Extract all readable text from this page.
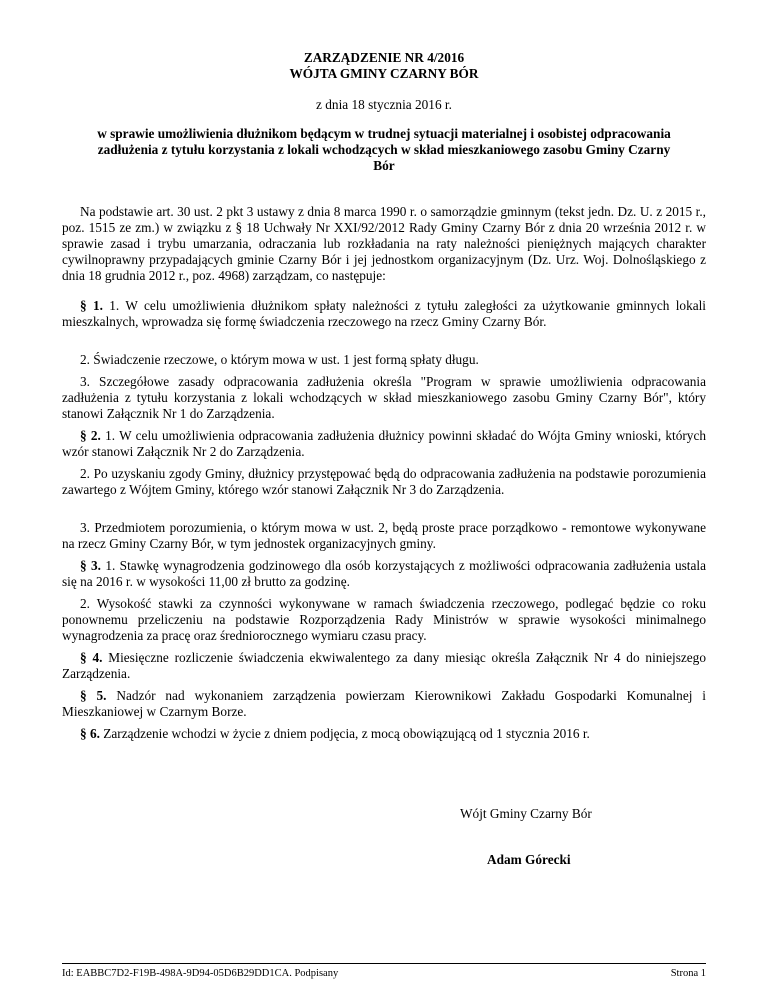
ZARZĄDZENIE NR 4/2016
WÓJTA GMINY CZARNY BÓR
z dnia 18 stycznia 2016 r.
w sprawie umożliwienia dłużnikom będącym w trudnej sytuacji materialnej i osobistej odpracowania zadłużenia z tytułu korzystania z lokali wchodzących w skład mieszkaniowego zasobu Gminy Czarny Bór
Na podstawie art. 30 ust. 2 pkt 3 ustawy z dnia 8 marca 1990 r. o samorządzie gminnym (tekst jedn. Dz. U. z 2015 r., poz. 1515 ze zm.) w związku z § 18 Uchwały Nr XXI/92/2012 Rady Gminy Czarny Bór z dnia 20 września 2012 r. w sprawie zasad i trybu umarzania, odraczania lub rozkładania na raty należności pieniężnych mających charakter cywilnoprawny przypadających gminie Czarny Bór i jej jednostkom organizacyjnym (Dz. Urz. Woj. Dolnośląskiego z dnia 18 grudnia 2012 r., poz. 4968) zarządzam, co następuje:
§ 1. 1. W celu umożliwienia dłużnikom spłaty należności z tytułu zaległości za użytkowanie gminnych lokali mieszkalnych, wprowadza się formę świadczenia rzeczowego na rzecz Gminy Czarny Bór.
2. Świadczenie rzeczowe, o którym mowa w ust. 1 jest formą spłaty długu.
3. Szczegółowe zasady odpracowania zadłużenia określa "Program w sprawie umożliwienia odpracowania zadłużenia z tytułu korzystania z lokali wchodzących w skład mieszkaniowego zasobu Gminy Czarny Bór", który stanowi Załącznik Nr 1 do Zarządzenia.
§ 2. 1. W celu umożliwienia odpracowania zadłużenia dłużnicy powinni składać do Wójta Gminy wnioski, których wzór stanowi Załącznik Nr 2 do Zarządzenia.
2. Po uzyskaniu zgody Gminy, dłużnicy przystępować będą do odpracowania zadłużenia na podstawie porozumienia zawartego z Wójtem Gminy, którego wzór stanowi Załącznik Nr 3 do Zarządzenia.
3. Przedmiotem porozumienia, o którym mowa w ust. 2, będą proste prace porządkowo - remontowe wykonywane na rzecz Gminy Czarny Bór, w tym jednostek organizacyjnych gminy.
§ 3. 1. Stawkę wynagrodzenia godzinowego dla osób korzystających z możliwości odpracowania zadłużenia ustala się na 2016 r. w wysokości 11,00 zł brutto za godzinę.
2. Wysokość stawki za czynności wykonywane w ramach świadczenia rzeczowego, podlegać będzie co roku ponownemu przeliczeniu na podstawie Rozporządzenia Rady Ministrów w sprawie wysokości minimalnego wynagrodzenia za pracę oraz średniorocznego wymiaru czasu pracy.
§ 4. Miesięczne rozliczenie świadczenia ekwiwalentego za dany miesiąc określa Załącznik Nr 4 do niniejszego Zarządzenia.
§ 5. Nadzór nad wykonaniem zarządzenia powierzam Kierownikowi Zakładu Gospodarki Komunalnej i Mieszkaniowej w Czarnym Borze.
§ 6. Zarządzenie wchodzi w życie z dniem podjęcia, z mocą obowiązującą od 1 stycznia 2016 r.
Wójt Gminy Czarny Bór
Adam Górecki
Id: EABBC7D2-F19B-498A-9D94-05D6B29DD1CA. Podpisany	Strona 1
